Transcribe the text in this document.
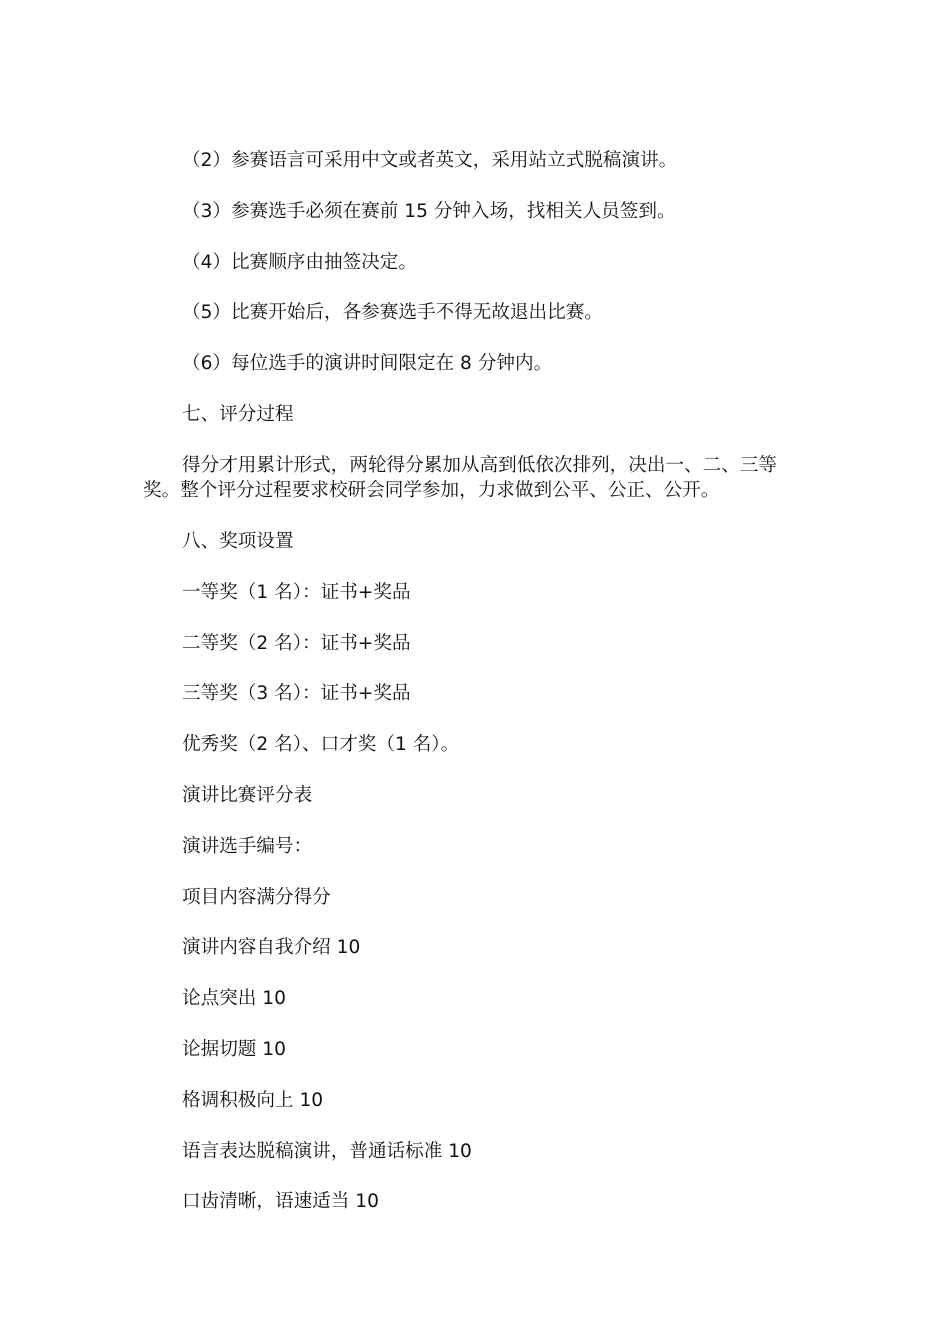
（2）参赛语言可采用中文或者英文，采用站立式脱稿演讲。

（3）参赛选手必须在赛前 15 分钟入场，找相关人员签到。

（4）比赛顺序由抽签决定。

（5）比赛开始后，各参赛选手不得无故退出比赛。

（6）每位选手的演讲时间限定在 8 分钟内。

七、评分过程

得分才用累计形式，两轮得分累加从高到低依次排列，决出一、二、三等奖。整个评分过程要求校研会同学参加，力求做到公平、公正、公开。

八、奖项设置

一等奖（1 名）：证书+奖品

二等奖（2 名）：证书+奖品

三等奖（3 名）：证书+奖品

优秀奖（2 名）、口才奖（1 名）。

演讲比赛评分表

演讲选手编号：

项目内容满分得分

演讲内容自我介绍 10

论点突出 10

论据切题 10

格调积极向上 10

语言表达脱稿演讲，普通话标准 10

口齿清晰，语速适当 10
